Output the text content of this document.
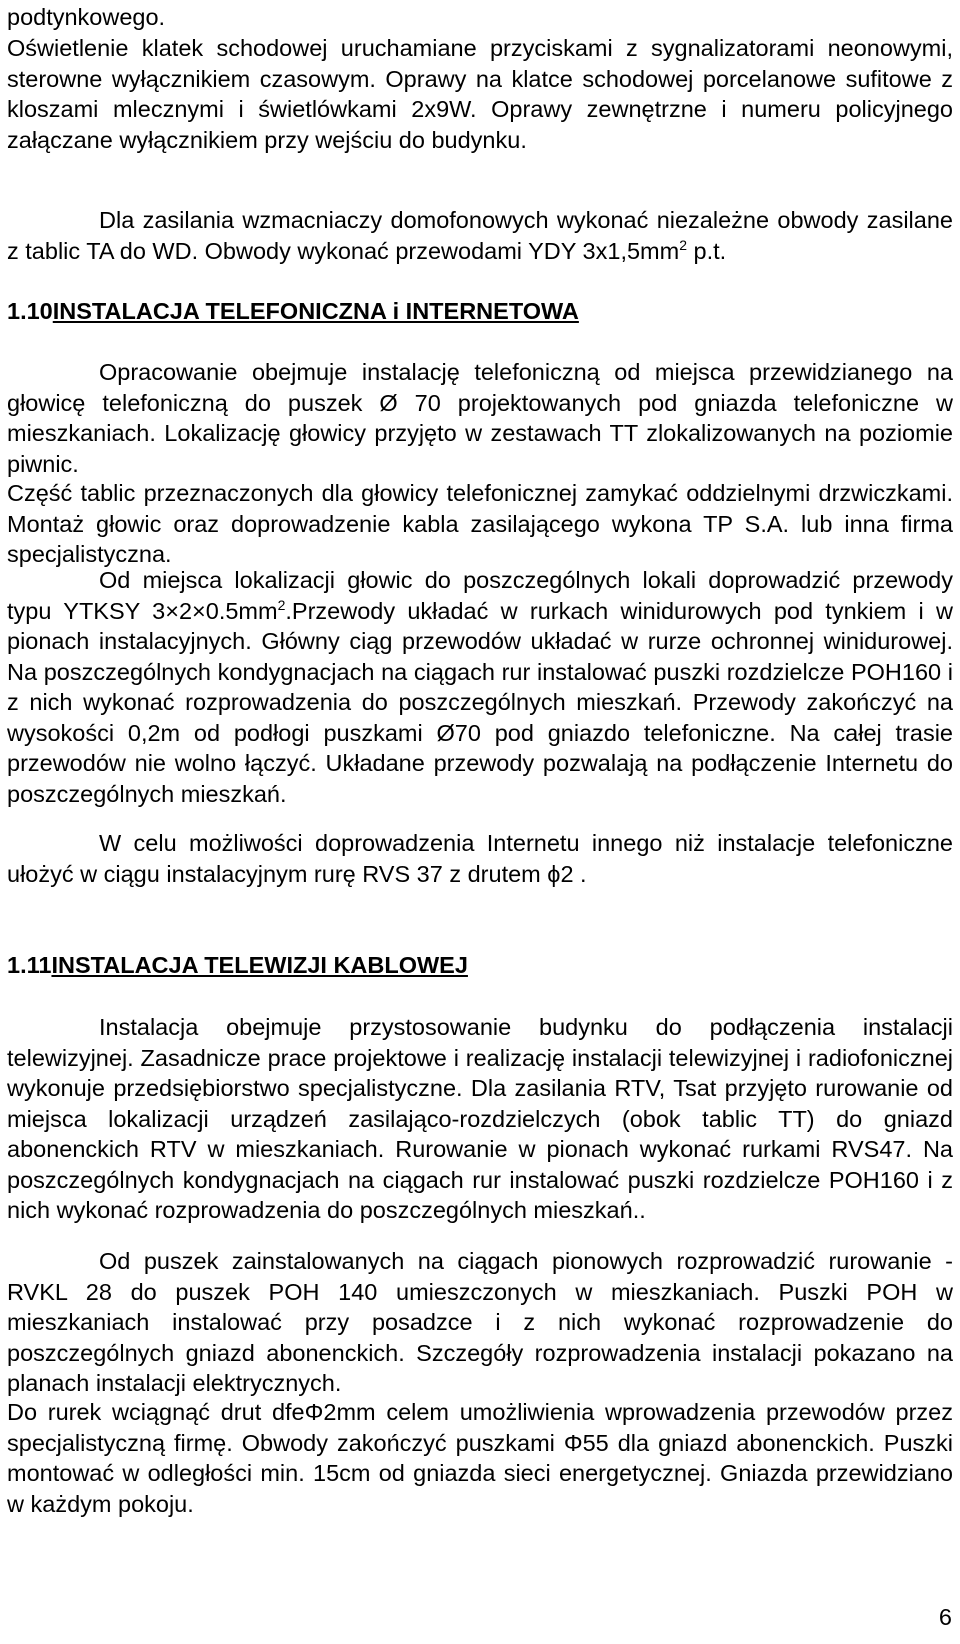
podtynkowego.

Oświetlenie klatek schodowej uruchamiane przyciskami z sygnalizatorami neonowymi, sterowne wyłącznikiem czasowym. Oprawy na klatce schodowej porcelanowe sufitowe z kloszami mlecznymi i świetlówkami 2x9W. Oprawy zewnętrzne i numeru policyjnego załączane wyłącznikiem przy wejściu do budynku.

Dla zasilania wzmacniaczy domofonowych wykonać niezależne obwody zasilane z tablic TA do WD. Obwody wykonać przewodami YDY $3x1,5mm^2$ p.t.

1.10INSTALACJA TELEFONICZNA i INTERNETOWA

Opracowanie obejmuje instalację telefoniczną od miejsca przewidzianego na głowicę telefoniczną do puszek Ø 70 projektowanych pod gniazda telefoniczne w mieszkaniach. Lokalizację głowicy przyjęto w zestawach TT zlokalizowanych na poziomie piwnic.

Część tablic przeznaczonych dla głowicy telefonicznej zamykać oddzielnymi drzwiczkami. Montaż głowic oraz doprowadzenie kabla zasilającego wykona TP S.A. lub inna firma specjalistyczna.

Od miejsca lokalizacji głowic do poszczególnych lokali doprowadzić przewody typu YTKSY $3\times 2\times 0.5mm^2.Przewody$ układać w rurkach winidurowych pod tynkiem i w pionach instalacyjnych. Główny ciąg przewodów układać w rurze ochronnej winidurowej. Na poszczególnych kondygnacjach na ciągach rur instalować puszki rozdzielcze POH160 i z nich wykonać rozprowadzenia do poszczególnych mieszkań. Przewody zakończyć na wysokości 0,2m od podłogi puszkami Ø70 pod gniazdo telefoniczne. Na całej trasie przewodów nie wolno łączyć. Układane przewody pozwalają na podłączenie Internetu do poszczególnych mieszkań.

W celu możliwości doprowadzenia Internetu innego niż instalacje telefoniczne ułożyć w ciągu instalacyjnym rurę RVS 37 z drutem ϕ2 .

1.11INSTALACJA TELEWIZJI KABLOWEJ

Instalacja obejmuje przystosowanie budynku do podłączenia instalacji telewizyjnej. Zasadnicze prace projektowe i realizację instalacji telewizyjnej i radiofonicznej wykonuje przedsiębiorstwo specjalistyczne. Dla zasilania RTV, Tsat przyjęto rurowanie od miejsca lokalizacji urządzeń zasilająco-rozdzielczych (obok tablic TT) do gniazd abonenckich RTV w mieszkaniach. Rurowanie w pionach wykonać rurkami RVS47. Na poszczególnych kondygnacjach na ciągach rur instalować puszki rozdzielcze POH160 i z nich wykonać rozprowadzenia do poszczególnych mieszkań..

Od puszek zainstalowanych na ciągach pionowych rozprowadzić rurowanie - RVKL 28 do puszek POH 140 umieszczonych w mieszkaniach. Puszki POH w mieszkaniach instalować przy posadzce i z nich wykonać rozprowadzenie do poszczególnych gniazd abonenckich. Szczegóły rozprowadzenia instalacji pokazano na planach instalacji elektrycznych.

Do rurek wciągnąć drut dfeΦ2mm celem umożliwienia wprowadzenia przewodów przez specjalistyczną firmę. Obwody zakończyć puszkami Φ55 dla gniazd abonenckich. Puszki montować w odległości min. 15cm od gniazda sieci energetycznej. Gniazda przewidziano w każdym pokoju.

6
